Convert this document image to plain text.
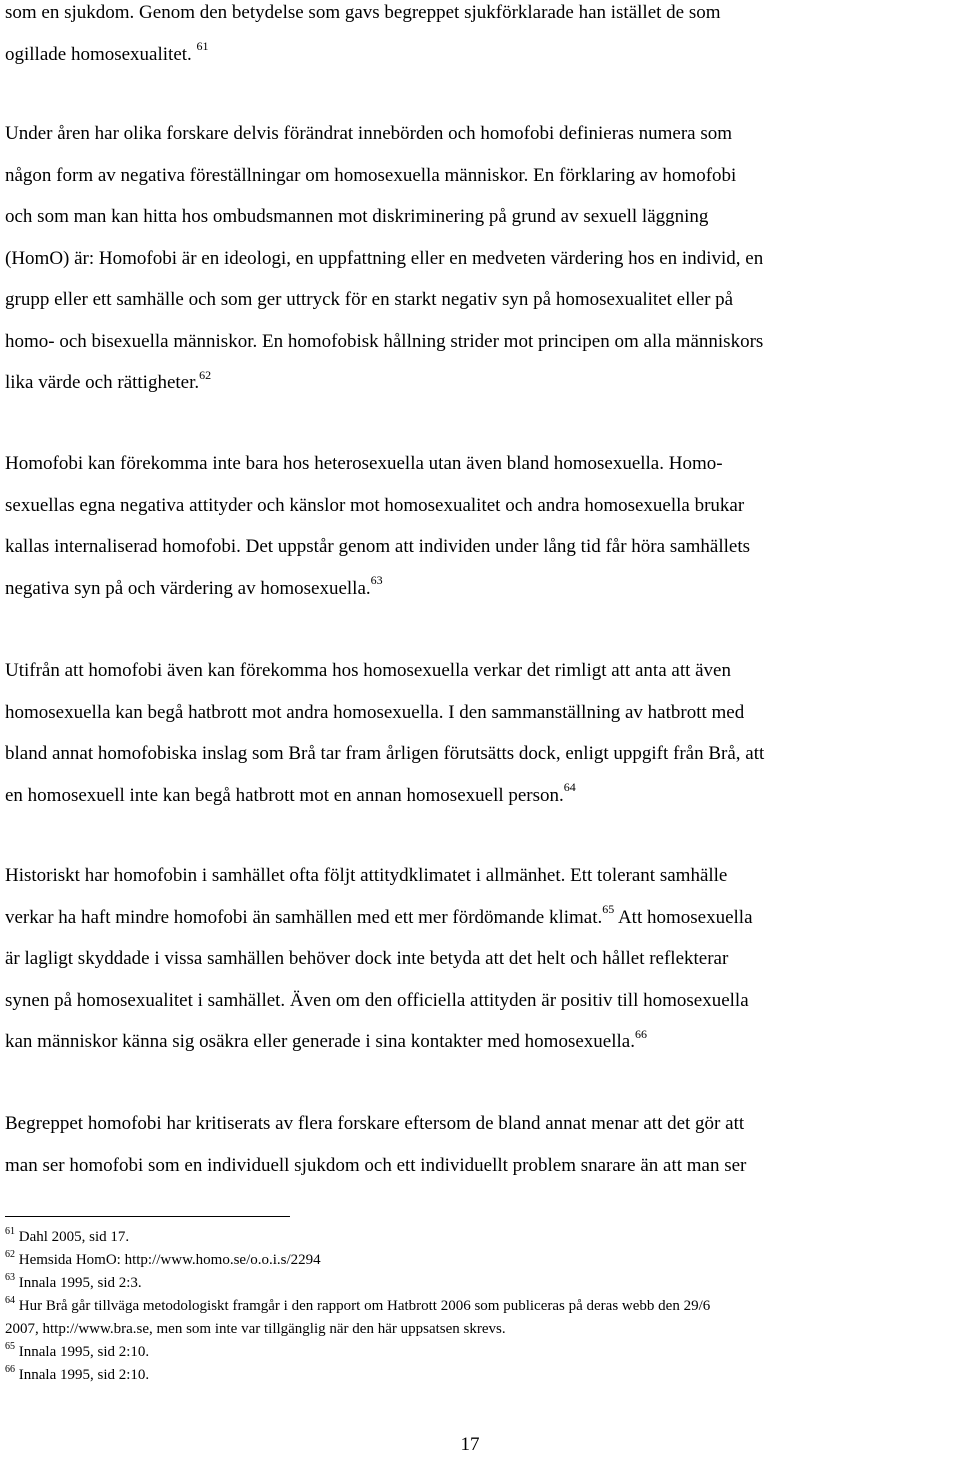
som en sjukdom. Genom den betydelse som gavs begreppet sjukförklarade han istället de som
ogillade homosexualitet. $^{61}$
Under åren har olika forskare delvis förändrat innebörden och homofobi definieras numera som
någon form av negativa föreställningar om homosexuella människor. En förklaring av homofobi
och som man kan hitta hos ombudsmannen mot diskriminering på grund av sexuell läggning
(HomO) är: Homofobi är en ideologi, en uppfattning eller en medveten värdering hos en individ, en
grupp eller ett samhälle och som ger uttryck för en starkt negativ syn på homosexualitet eller på
homo- och bisexuella människor. En homofobisk hållning strider mot principen om alla människors
lika värde och rättigheter.$^{62}$
Homofobi kan förekomma inte bara hos heterosexuella utan även bland homosexuella. Homo-
sexuellas egna negativa attityder och känslor mot homosexualitet och andra homosexuella brukar
kallas internaliserad homofobi. Det uppstår genom att individen under lång tid får höra samhällets
negativa syn på och värdering av homosexuella.$^{63}$
Utifrån att homofobi även kan förekomma hos homosexuella verkar det rimligt att anta att även
homosexuella kan begå hatbrott mot andra homosexuella. I den sammanställning av hatbrott med
bland annat homofobiska inslag som Brå tar fram årligen förutsätts dock, enligt uppgift från Brå, att
en homosexuell inte kan begå hatbrott mot en annan homosexuell person.$^{64}$
Historiskt har homofobin i samhället ofta följt attitydklimatet i allmänhet. Ett tolerant samhälle
verkar ha haft mindre homofobi än samhällen med ett mer fördömande klimat.$^{65}$ Att homosexuella
är lagligt skyddade i vissa samhällen behöver dock inte betyda att det helt och hållet reflekterar
synen på homosexualitet i samhället. Även om den officiella attityden är positiv till homosexuella
kan människor känna sig osäkra eller generade i sina kontakter med homosexuella.$^{66}$
Begreppet homofobi har kritiserats av flera forskare eftersom de bland annat menar att det gör att
man ser homofobi som en individuell sjukdom och ett individuellt problem snarare än att man ser
$^{61}$ Dahl 2005, sid 17.
$^{62}$ Hemsida HomO: http://www.homo.se/o.o.i.s/2294
$^{63}$ Innala 1995, sid 2:3.
$^{64}$ Hur Brå går tillväga metodologiskt framgår i den rapport om Hatbrott 2006 som publiceras på deras webb den 29/6
2007, http://www.bra.se, men som inte var tillgänglig när den här uppsatsen skrevs.
$^{65}$ Innala 1995, sid 2:10.
$^{66}$ Innala 1995, sid 2:10.
17
